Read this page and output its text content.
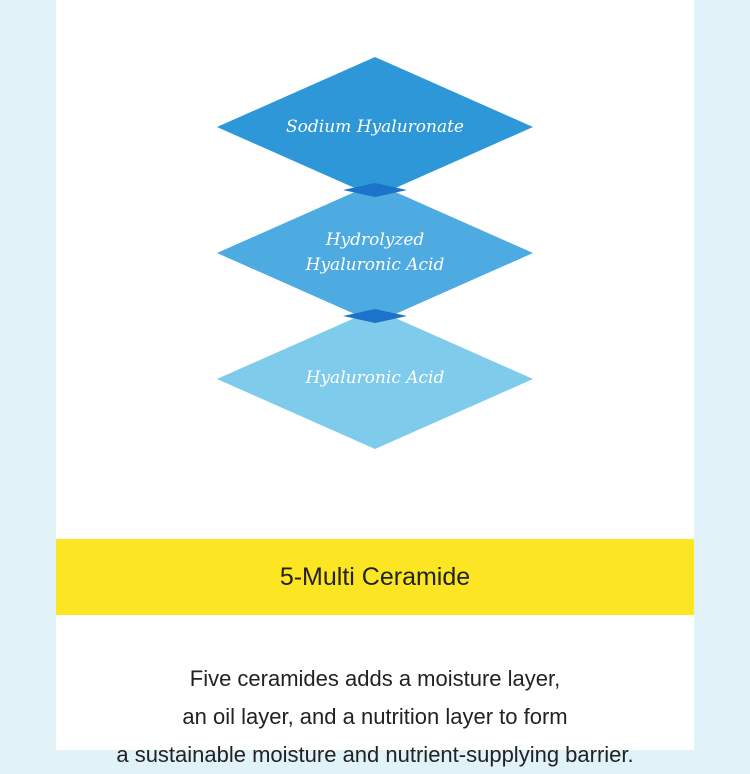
Sodium Hyaluronate
Hydrolyzed
Hyaluronic Acid
Hyaluronic Acid
5-Multi Ceramide
Five ceramides adds a moisture layer,
an oil layer, and a nutrition layer to form
a sustainable moisture and nutrient-supplying barrier.
